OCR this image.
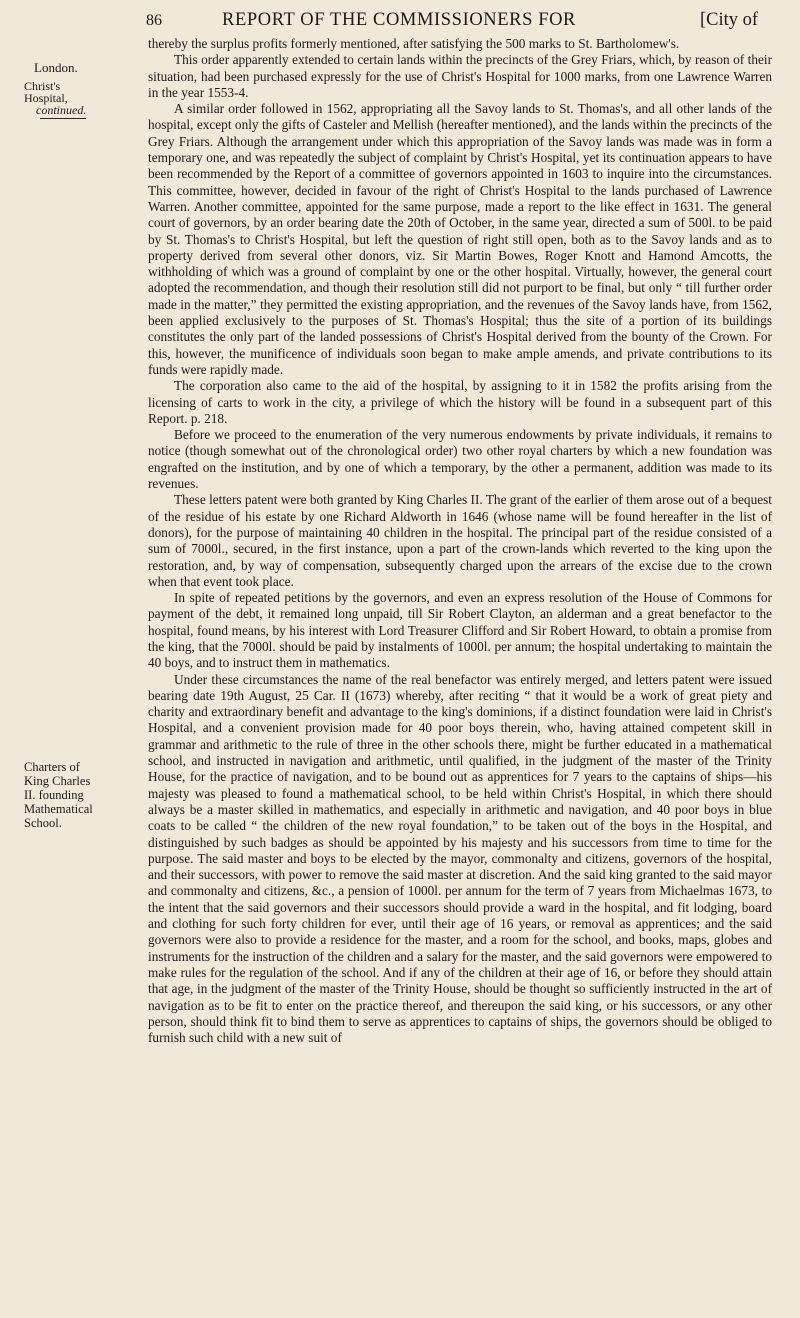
86	REPORT OF THE COMMISSIONERS FOR	[City of
London.
Christ's Hospital,
continued.
Charters of King Charles II. founding Mathematical School.

thereby the surplus profits formerly mentioned, after satisfying the 500 marks to St. Bartholomew's.

This order apparently extended to certain lands within the precincts of the Grey Friars, which, by reason of their situation, had been purchased expressly for the use of Christ's Hospital for 1000 marks, from one Lawrence Warren in the year 1553-4.

A similar order followed in 1562, appropriating all the Savoy lands to St. Thomas's, and all other lands of the hospital, except only the gifts of Casteler and Mellish (hereafter mentioned), and the lands within the precincts of the Grey Friars. Although the arrangement under which this appropriation of the Savoy lands was made was in form a temporary one, and was repeatedly the subject of complaint by Christ's Hospital, yet its continuation appears to have been recommended by the Report of a committee of governors appointed in 1603 to inquire into the circumstances. This committee, however, decided in favour of the right of Christ's Hospital to the lands purchased of Lawrence Warren. Another committee, appointed for the same purpose, made a report to the like effect in 1631. The general court of governors, by an order bearing date the 20th of October, in the same year, directed a sum of 500l. to be paid by St. Thomas's to Christ's Hospital, but left the question of right still open, both as to the Savoy lands and as to property derived from several other donors, viz. Sir Martin Bowes, Roger Knott and Hamond Amcotts, the withholding of which was a ground of complaint by one or the other hospital. Virtually, however, the general court adopted the recommendation, and though their resolution still did not purport to be final, but only “ till further order made in the matter,” they permitted the existing appropriation, and the revenues of the Savoy lands have, from 1562, been applied exclusively to the purposes of St. Thomas's Hospital; thus the site of a portion of its buildings constitutes the only part of the landed possessions of Christ's Hospital derived from the bounty of the Crown. For this, however, the munificence of individuals soon began to make ample amends, and private contributions to its funds were rapidly made.

The corporation also came to the aid of the hospital, by assigning to it in 1582 the profits arising from the licensing of carts to work in the city, a privilege of which the history will be found in a subsequent part of this Report. p. 218.

Before we proceed to the enumeration of the very numerous endowments by private individuals, it remains to notice (though somewhat out of the chronological order) two other royal charters by which a new foundation was engrafted on the institution, and by one of which a temporary, by the other a permanent, addition was made to its revenues.

These letters patent were both granted by King Charles II. The grant of the earlier of them arose out of a bequest of the residue of his estate by one Richard Aldworth in 1646 (whose name will be found hereafter in the list of donors), for the purpose of maintaining 40 children in the hospital. The principal part of the residue consisted of a sum of 7000l., secured, in the first instance, upon a part of the crown-lands which reverted to the king upon the restoration, and, by way of compensation, subsequently charged upon the arrears of the excise due to the crown when that event took place.

In spite of repeated petitions by the governors, and even an express resolution of the House of Commons for payment of the debt, it remained long unpaid, till Sir Robert Clayton, an alderman and a great benefactor to the hospital, found means, by his interest with Lord Treasurer Clifford and Sir Robert Howard, to obtain a promise from the king, that the 7000l. should be paid by instalments of 1000l. per annum; the hospital undertaking to maintain the 40 boys, and to instruct them in mathematics.

Under these circumstances the name of the real benefactor was entirely merged, and letters patent were issued bearing date 19th August, 25 Car. II (1673) whereby, after reciting “ that it would be a work of great piety and charity and extraordinary benefit and advantage to the king's dominions, if a distinct foundation were laid in Christ's Hospital, and a convenient provision made for 40 poor boys therein, who, having attained competent skill in grammar and arithmetic to the rule of three in the other schools there, might be further educated in a mathematical school, and instructed in navigation and arithmetic, until qualified, in the judgment of the master of the Trinity House, for the practice of navigation, and to be bound out as apprentices for 7 years to the captains of ships—his majesty was pleased to found a mathematical school, to be held within Christ's Hospital, in which there should always be a master skilled in mathematics, and especially in arithmetic and navigation, and 40 poor boys in blue coats to be called “ the children of the new royal foundation,” to be taken out of the boys in the Hospital, and distinguished by such badges as should be appointed by his majesty and his successors from time to time for the purpose. The said master and boys to be elected by the mayor, commonalty and citizens, governors of the hospital, and their successors, with power to remove the said master at discretion. And the said king granted to the said mayor and commonalty and citizens, &c., a pension of 1000l. per annum for the term of 7 years from Michaelmas 1673, to the intent that the said governors and their successors should provide a ward in the hospital, and fit lodging, board and clothing for such forty children for ever, until their age of 16 years, or removal as apprentices; and the said governors were also to provide a residence for the master, and a room for the school, and books, maps, globes and instruments for the instruction of the children and a salary for the master, and the said governors were empowered to make rules for the regulation of the school. And if any of the children at their age of 16, or before they should attain that age, in the judgment of the master of the Trinity House, should be thought so sufficiently instructed in the art of navigation as to be fit to enter on the practice thereof, and thereupon the said king, or his successors, or any other person, should think fit to bind them to serve as apprentices to captains of ships, the governors should be obliged to furnish such child with a new suit of
